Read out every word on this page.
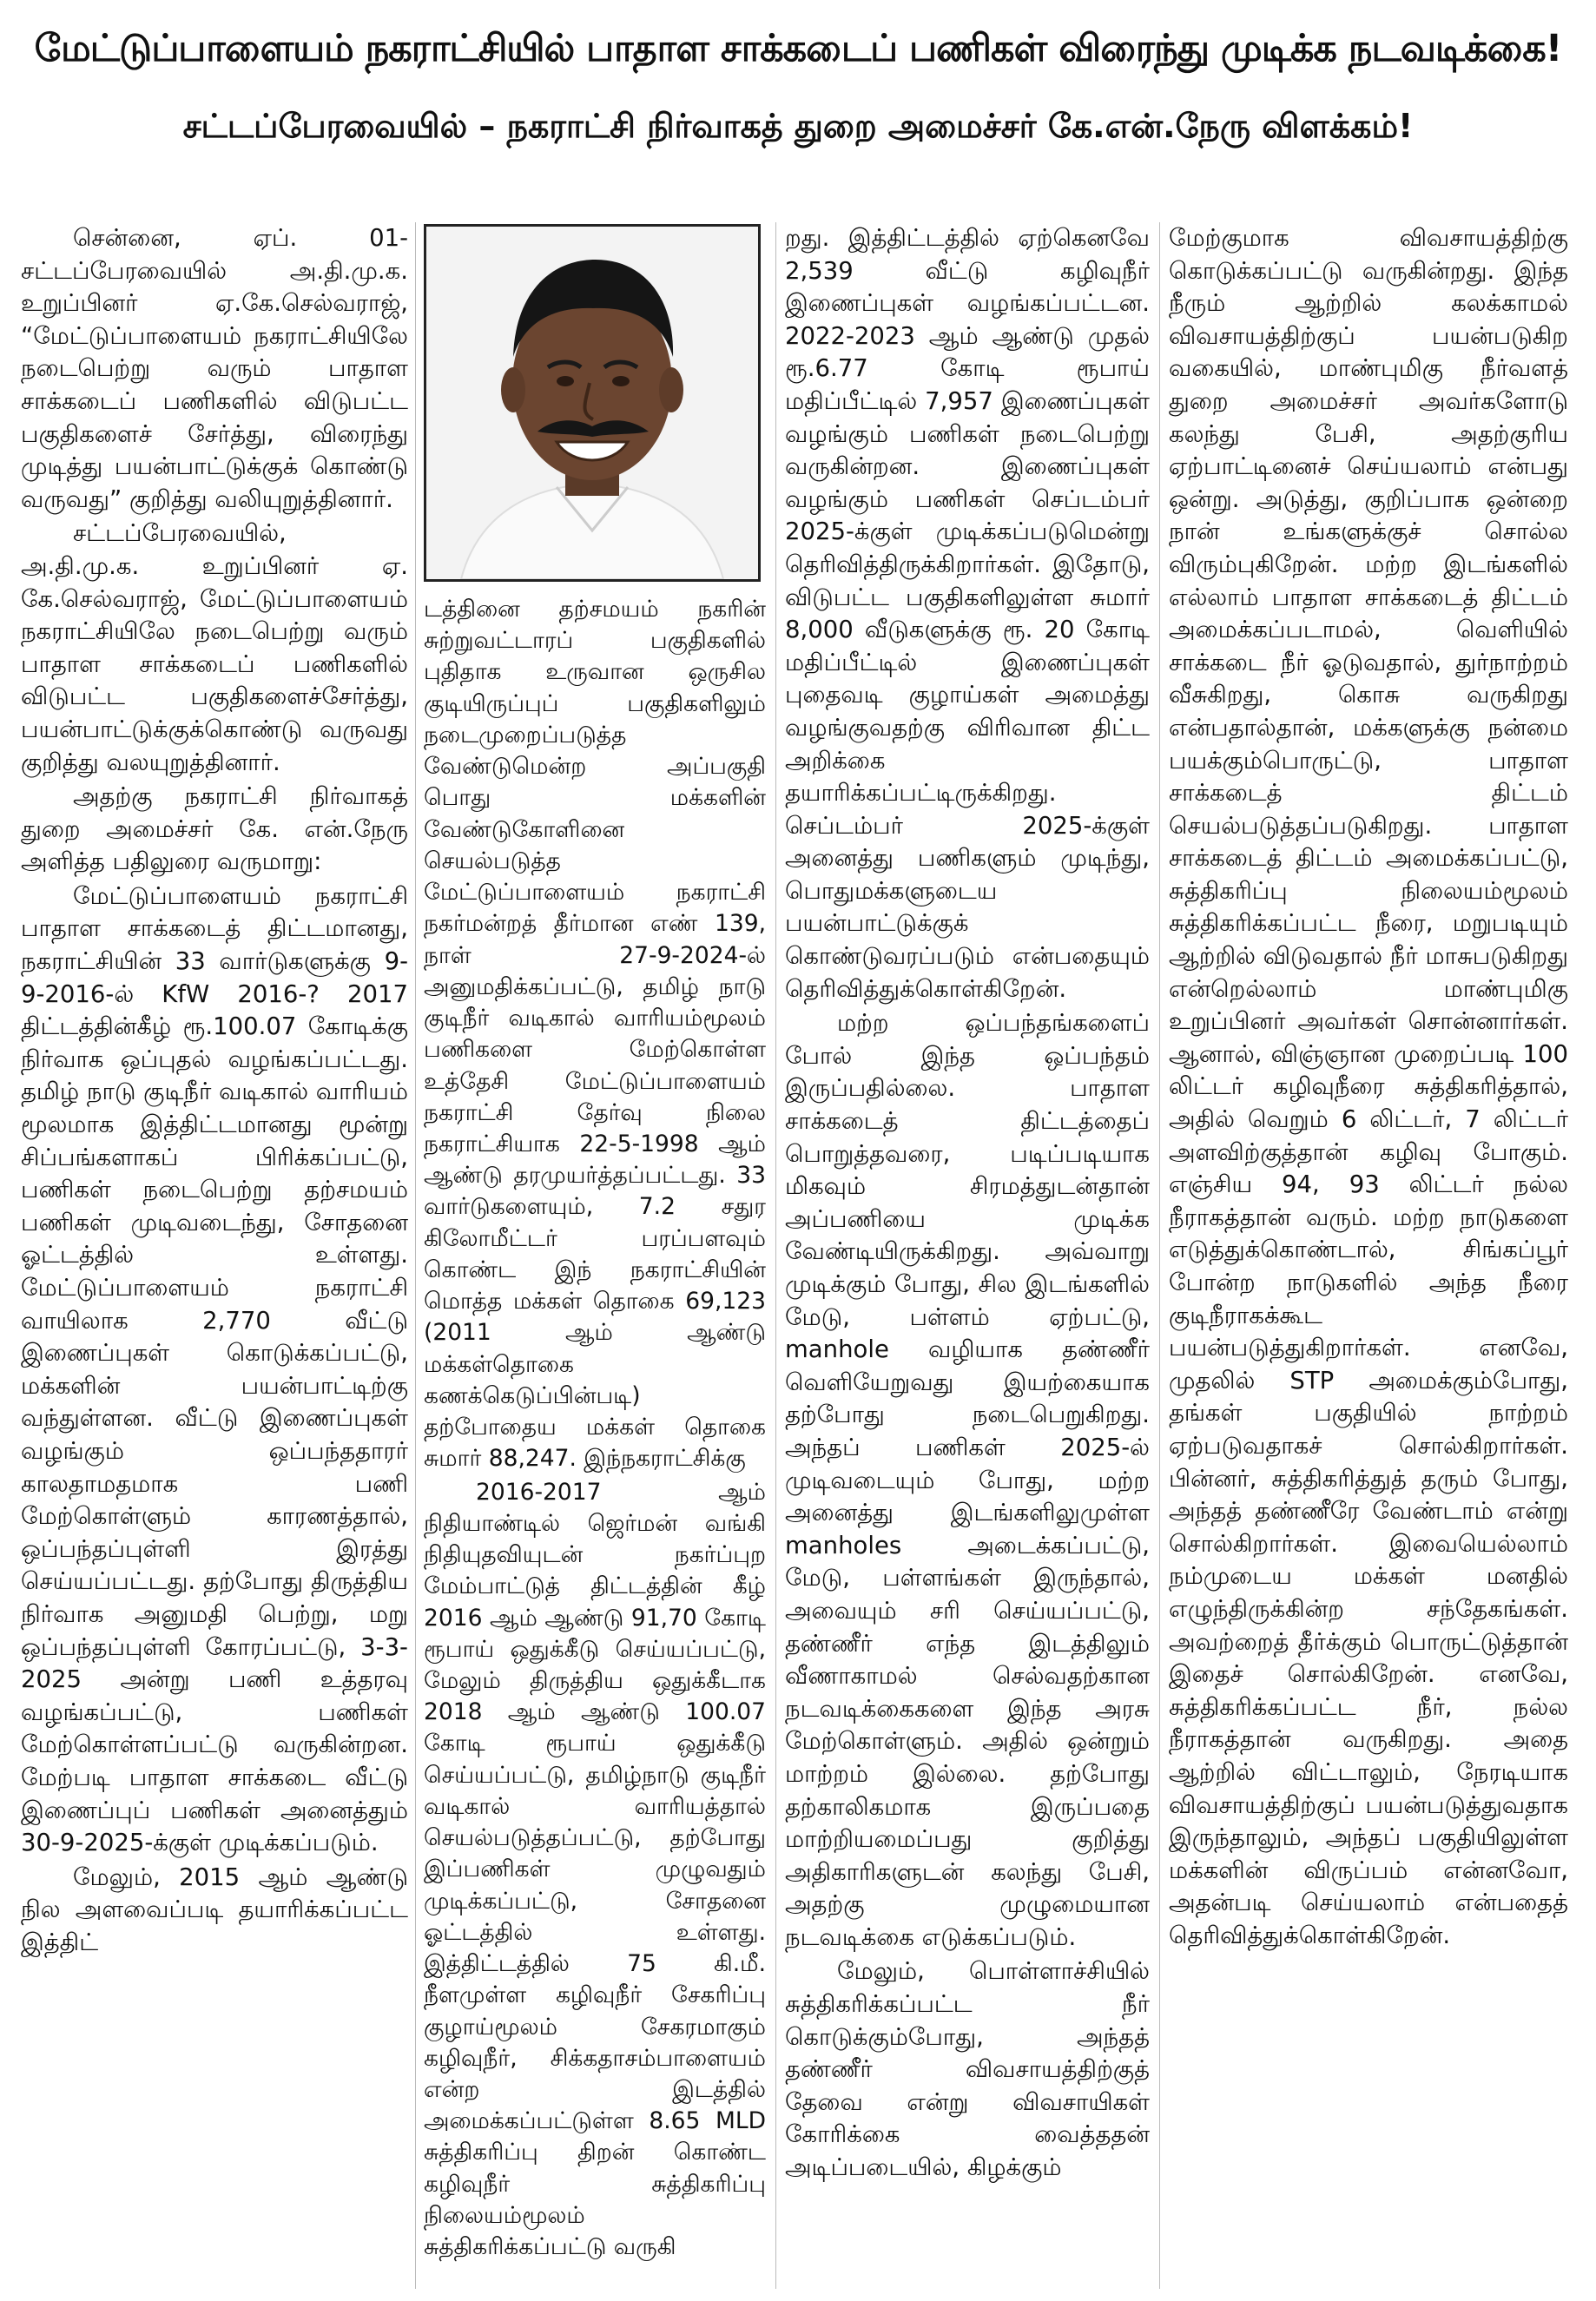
மேட்டுப்பாளையம் நகராட்சியில் பாதாள சாக்கடைப் பணிகள் விரைந்து முடிக்க நடவடிக்கை!
சட்டப்பேரவையில் – நகராட்சி நிர்வாகத் துறை அமைச்சர் கே.என்.நேரு விளக்கம்!

சென்னை, ஏப். 01- சட்டப்பேரவையில் அ.தி.மு.க. உறுப்பினர் ஏ.கே.செல்வராஜ், “மேட்டுப்பாளையம் நகராட்சியிலே நடைபெற்று வரும் பாதாள சாக்கடைப் பணிகளில் விடுபட்ட பகுதிகளைச் சேர்த்து, விரைந்து முடித்து பயன்பாட்டுக்குக் கொண்டு வருவது” குறித்து வலியுறுத்தினார்.

சட்டப்பேரவையில், அ.தி.மு.க. உறுப்பினர் ஏ. கே.செல்வராஜ், மேட்டுப்பாளையம் நகராட்சியிலே நடைபெற்று வரும் பாதாள சாக்கடைப் பணிகளில் விடுபட்ட பகுதிகளைச்சேர்த்து, பயன்பாட்டுக்குக்கொண்டு வருவது குறித்து வலயுறுத்தினார்.

அதற்கு நகராட்சி நிர்வாகத் துறை அமைச்சர் கே. என்.நேரு அளித்த பதிலுரை வருமாறு:

மேட்டுப்பாளையம் நகராட்சி பாதாள சாக்கடைத் திட்டமானது, நகராட்சியின் 33 வார்டுகளுக்கு 9-9-2016-ல் KfW 2016-? 2017 திட்டத்தின்கீழ் ரூ.100.07 கோடிக்கு நிர்வாக ஒப்புதல் வழங்கப்பட்டது. தமிழ் நாடு குடிநீர் வடிகால் வாரியம் மூலமாக இத்திட்டமானது மூன்று சிப்பங்களாகப் பிரிக்கப்பட்டு, பணிகள் நடைபெற்று தற்சமயம் பணிகள் முடிவடைந்து, சோதனை ஓட்டத்தில் உள்ளது. மேட்டுப்பாளையம் நகராட்சி வாயிலாக 2,770 வீட்டு இணைப்புகள் கொடுக்கப்பட்டு, மக்களின் பயன்பாட்டிற்கு வந்துள்ளன. வீட்டு இணைப்புகள் வழங்கும் ஒப்பந்ததாரர் காலதாமதமாக பணி மேற்கொள்ளும் காரணத்தால், ஒப்பந்தப்புள்ளி இரத்து செய்யப்பட்டது. தற்போது திருத்திய நிர்வாக அனுமதி பெற்று, மறு ஒப்பந்தப்புள்ளி கோரப்பட்டு, 3-3-2025 அன்று பணி உத்தரவு வழங்கப்பட்டு, பணிகள் மேற்கொள்ளப்பட்டு வருகின்றன. மேற்படி பாதாள சாக்கடை வீட்டு இணைப்புப் பணிகள் அனைத்தும் 30-9-2025-க்குள் முடிக்கப்படும்.

மேலும், 2015 ஆம் ஆண்டு நில அளவைப்படி தயாரிக்கப்பட்ட இத்திட்

டத்தினை தற்சமயம் நகரின் சுற்றுவட்டாரப் பகுதிகளில் புதிதாக உருவான ஒருசில குடியிருப்புப் பகுதிகளிலும் நடைமுறைப்படுத்த வேண்டுமென்ற அப்பகுதி பொது மக்களின் வேண்டுகோளினை செயல்படுத்த மேட்டுப்பாளையம் நகராட்சி நகர்மன்றத் தீர்மான எண் 139, நாள் 27-9-2024-ல் அனுமதிக்கப்பட்டு, தமிழ் நாடு குடிநீர் வடிகால் வாரியம்மூலம் பணிகளை மேற்கொள்ள உத்தேசி மேட்டுப்பாளையம் நகராட்சி தேர்வு நிலை நகராட்சியாக 22-5-1998 ஆம் ஆண்டு தரமுயர்த்தப்பட்டது. 33 வார்டுகளையும், 7.2 சதுர கிலோமீட்டர் பரப்பளவும் கொண்ட இந் நகராட்சியின் மொத்த மக்கள் தொகை 69,123 (2011 ஆம் ஆண்டு மக்கள்தொகை கணக்கெடுப்பின்படி) தற்போதைய மக்கள் தொகை சுமார் 88,247. இந்நகராட்சிக்கு

2016-2017 ஆம் நிதியாண்டில் ஜெர்மன் வங்கி நிதியுதவியுடன் நகர்ப்புற மேம்பாட்டுத் திட்டத்தின் கீழ் 2016 ஆம் ஆண்டு 91,70 கோடி ரூபாய் ஒதுக்கீடு செய்யப்பட்டு, மேலும் திருத்திய ஒதுக்கீடாக 2018 ஆம் ஆண்டு 100.07 கோடி ரூபாய் ஒதுக்கீடு செய்யப்பட்டு, தமிழ்நாடு குடிநீர் வடிகால் வாரியத்தால் செயல்படுத்தப்பட்டு, தற்போது இப்பணிகள் முழுவதும் முடிக்கப்பட்டு, சோதனை ஓட்டத்தில் உள்ளது. இத்திட்டத்தில் 75 கி.மீ. நீளமுள்ள கழிவுநீர் சேகரிப்பு குழாய்மூலம் சேகரமாகும் கழிவுநீர், சிக்கதாசம்பாளையம் என்ற இடத்தில் அமைக்கப்பட்டுள்ள 8.65 MLD சுத்திகரிப்பு திறன் கொண்ட கழிவுநீர் சுத்திகரிப்பு நிலையம்மூலம் சுத்திகரிக்கப்பட்டு வருகி

றது. இத்திட்டத்தில் ஏற்கெனவே 2,539 வீட்டு கழிவுநீர் இணைப்புகள் வழங்கப்பட்டன. 2022-2023 ஆம் ஆண்டு முதல் ரூ.6.77 கோடி ரூபாய் மதிப்பீட்டில் 7,957 இணைப்புகள் வழங்கும் பணிகள் நடைபெற்று வருகின்றன. இணைப்புகள் வழங்கும் பணிகள் செப்டம்பர் 2025-க்குள் முடிக்கப்படுமென்று தெரிவித்திருக்கிறார்கள். இதோடு, விடுபட்ட பகுதிகளிலுள்ள சுமார் 8,000 வீடுகளுக்கு ரூ. 20 கோடி மதிப்பீட்டில் இணைப்புகள் புதைவடி குழாய்கள் அமைத்து வழங்குவதற்கு விரிவான திட்ட அறிக்கை தயாரிக்கப்பட்டிருக்கிறது. செப்டம்பர் 2025-க்குள் அனைத்து பணிகளும் முடிந்து, பொதுமக்களுடைய பயன்பாட்டுக்குக் கொண்டுவரப்படும் என்பதையும் தெரிவித்துக்கொள்கிறேன்.

மற்ற ஒப்பந்தங்களைப் போல் இந்த ஒப்பந்தம் இருப்பதில்லை. பாதாள சாக்கடைத் திட்டத்தைப் பொறுத்தவரை, படிப்படியாக மிகவும் சிரமத்துடன்தான் அப்பணியை முடிக்க வேண்டியிருக்கிறது. அவ்வாறு முடிக்கும் போது, சில இடங்களில் மேடு, பள்ளம் ஏற்பட்டு, manhole வழியாக தண்ணீர் வெளியேறுவது இயற்கையாக தற்போது நடைபெறுகிறது. அந்தப் பணிகள் 2025-ல் முடிவடையும் போது, மற்ற அனைத்து இடங்களிலுமுள்ள manholes அடைக்கப்பட்டு, மேடு, பள்ளங்கள் இருந்தால், அவையும் சரி செய்யப்பட்டு, தண்ணீர் எந்த இடத்திலும் வீணாகாமல் செல்வதற்கான நடவடிக்கைகளை இந்த அரசு மேற்கொள்ளும். அதில் ஒன்றும் மாற்றம் இல்லை. தற்போது தற்காலிகமாக இருப்பதை மாற்றியமைப்பது குறித்து அதிகாரிகளுடன் கலந்து பேசி, அதற்கு முழுமையான நடவடிக்கை எடுக்கப்படும்.

மேலும், பொள்ளாச்சியில் சுத்திகரிக்கப்பட்ட நீர் கொடுக்கும்போது, அந்தத் தண்ணீர் விவசாயத்திற்குத் தேவை என்று விவசாயிகள் கோரிக்கை வைத்ததன் அடிப்படையில், கிழக்கும்

மேற்குமாக விவசாயத்திற்கு கொடுக்கப்பட்டு வருகின்றது. இந்த நீரும் ஆற்றில் கலக்காமல் விவசாயத்திற்குப் பயன்படுகிற வகையில், மாண்புமிகு நீர்வளத் துறை அமைச்சர் அவர்களோடு கலந்து பேசி, அதற்குரிய ஏற்பாட்டினைச் செய்யலாம் என்பது ஒன்று. அடுத்து, குறிப்பாக ஒன்றை நான் உங்களுக்குச் சொல்ல விரும்புகிறேன். மற்ற இடங்களில் எல்லாம் பாதாள சாக்கடைத் திட்டம் அமைக்கப்படாமல், வெளியில் சாக்கடை நீர் ஓடுவதால், துர்நாற்றம் வீசுகிறது, கொசு வருகிறது என்பதால்தான், மக்களுக்கு நன்மை பயக்கும்பொருட்டு, பாதாள சாக்கடைத் திட்டம் செயல்படுத்தப்படுகிறது. பாதாள சாக்கடைத் திட்டம் அமைக்கப்பட்டு, சுத்திகரிப்பு நிலையம்மூலம் சுத்திகரிக்கப்பட்ட நீரை, மறுபடியும் ஆற்றில் விடுவதால் நீர் மாசுபடுகிறது என்றெல்லாம் மாண்புமிகு உறுப்பினர் அவர்கள் சொன்னார்கள். ஆனால், விஞ்ஞான முறைப்படி 100 லிட்டர் கழிவுநீரை சுத்திகரித்தால், அதில் வெறும் 6 லிட்டர், 7 லிட்டர் அளவிற்குத்தான் கழிவு போகும். எஞ்சிய 94, 93 லிட்டர் நல்ல நீராகத்தான் வரும். மற்ற நாடுகளை எடுத்துக்கொண்டால், சிங்கப்பூர் போன்ற நாடுகளில் அந்த நீரை குடிநீராகக்கூட பயன்படுத்துகிறார்கள். எனவே, முதலில் STP அமைக்கும்போது, தங்கள் பகுதியில் நாற்றம் ஏற்படுவதாகச் சொல்கிறார்கள். பின்னர், சுத்திகரித்துத் தரும் போது, அந்தத் தண்ணீரே வேண்டாம் என்று சொல்கிறார்கள். இவையெல்லாம் நம்முடைய மக்கள் மனதில் எழுந்திருக்கின்ற சந்தேகங்கள். அவற்றைத் தீர்க்கும் பொருட்டுத்தான் இதைச் சொல்கிறேன். எனவே, சுத்திகரிக்கப்பட்ட நீர், நல்ல நீராகத்தான் வருகிறது. அதை ஆற்றில் விட்டாலும், நேரடியாக விவசாயத்திற்குப் பயன்படுத்துவதாக இருந்தாலும், அந்தப் பகுதியிலுள்ள மக்களின் விருப்பம் என்னவோ, அதன்படி செய்யலாம் என்பதைத் தெரிவித்துக்கொள்கிறேன்.
